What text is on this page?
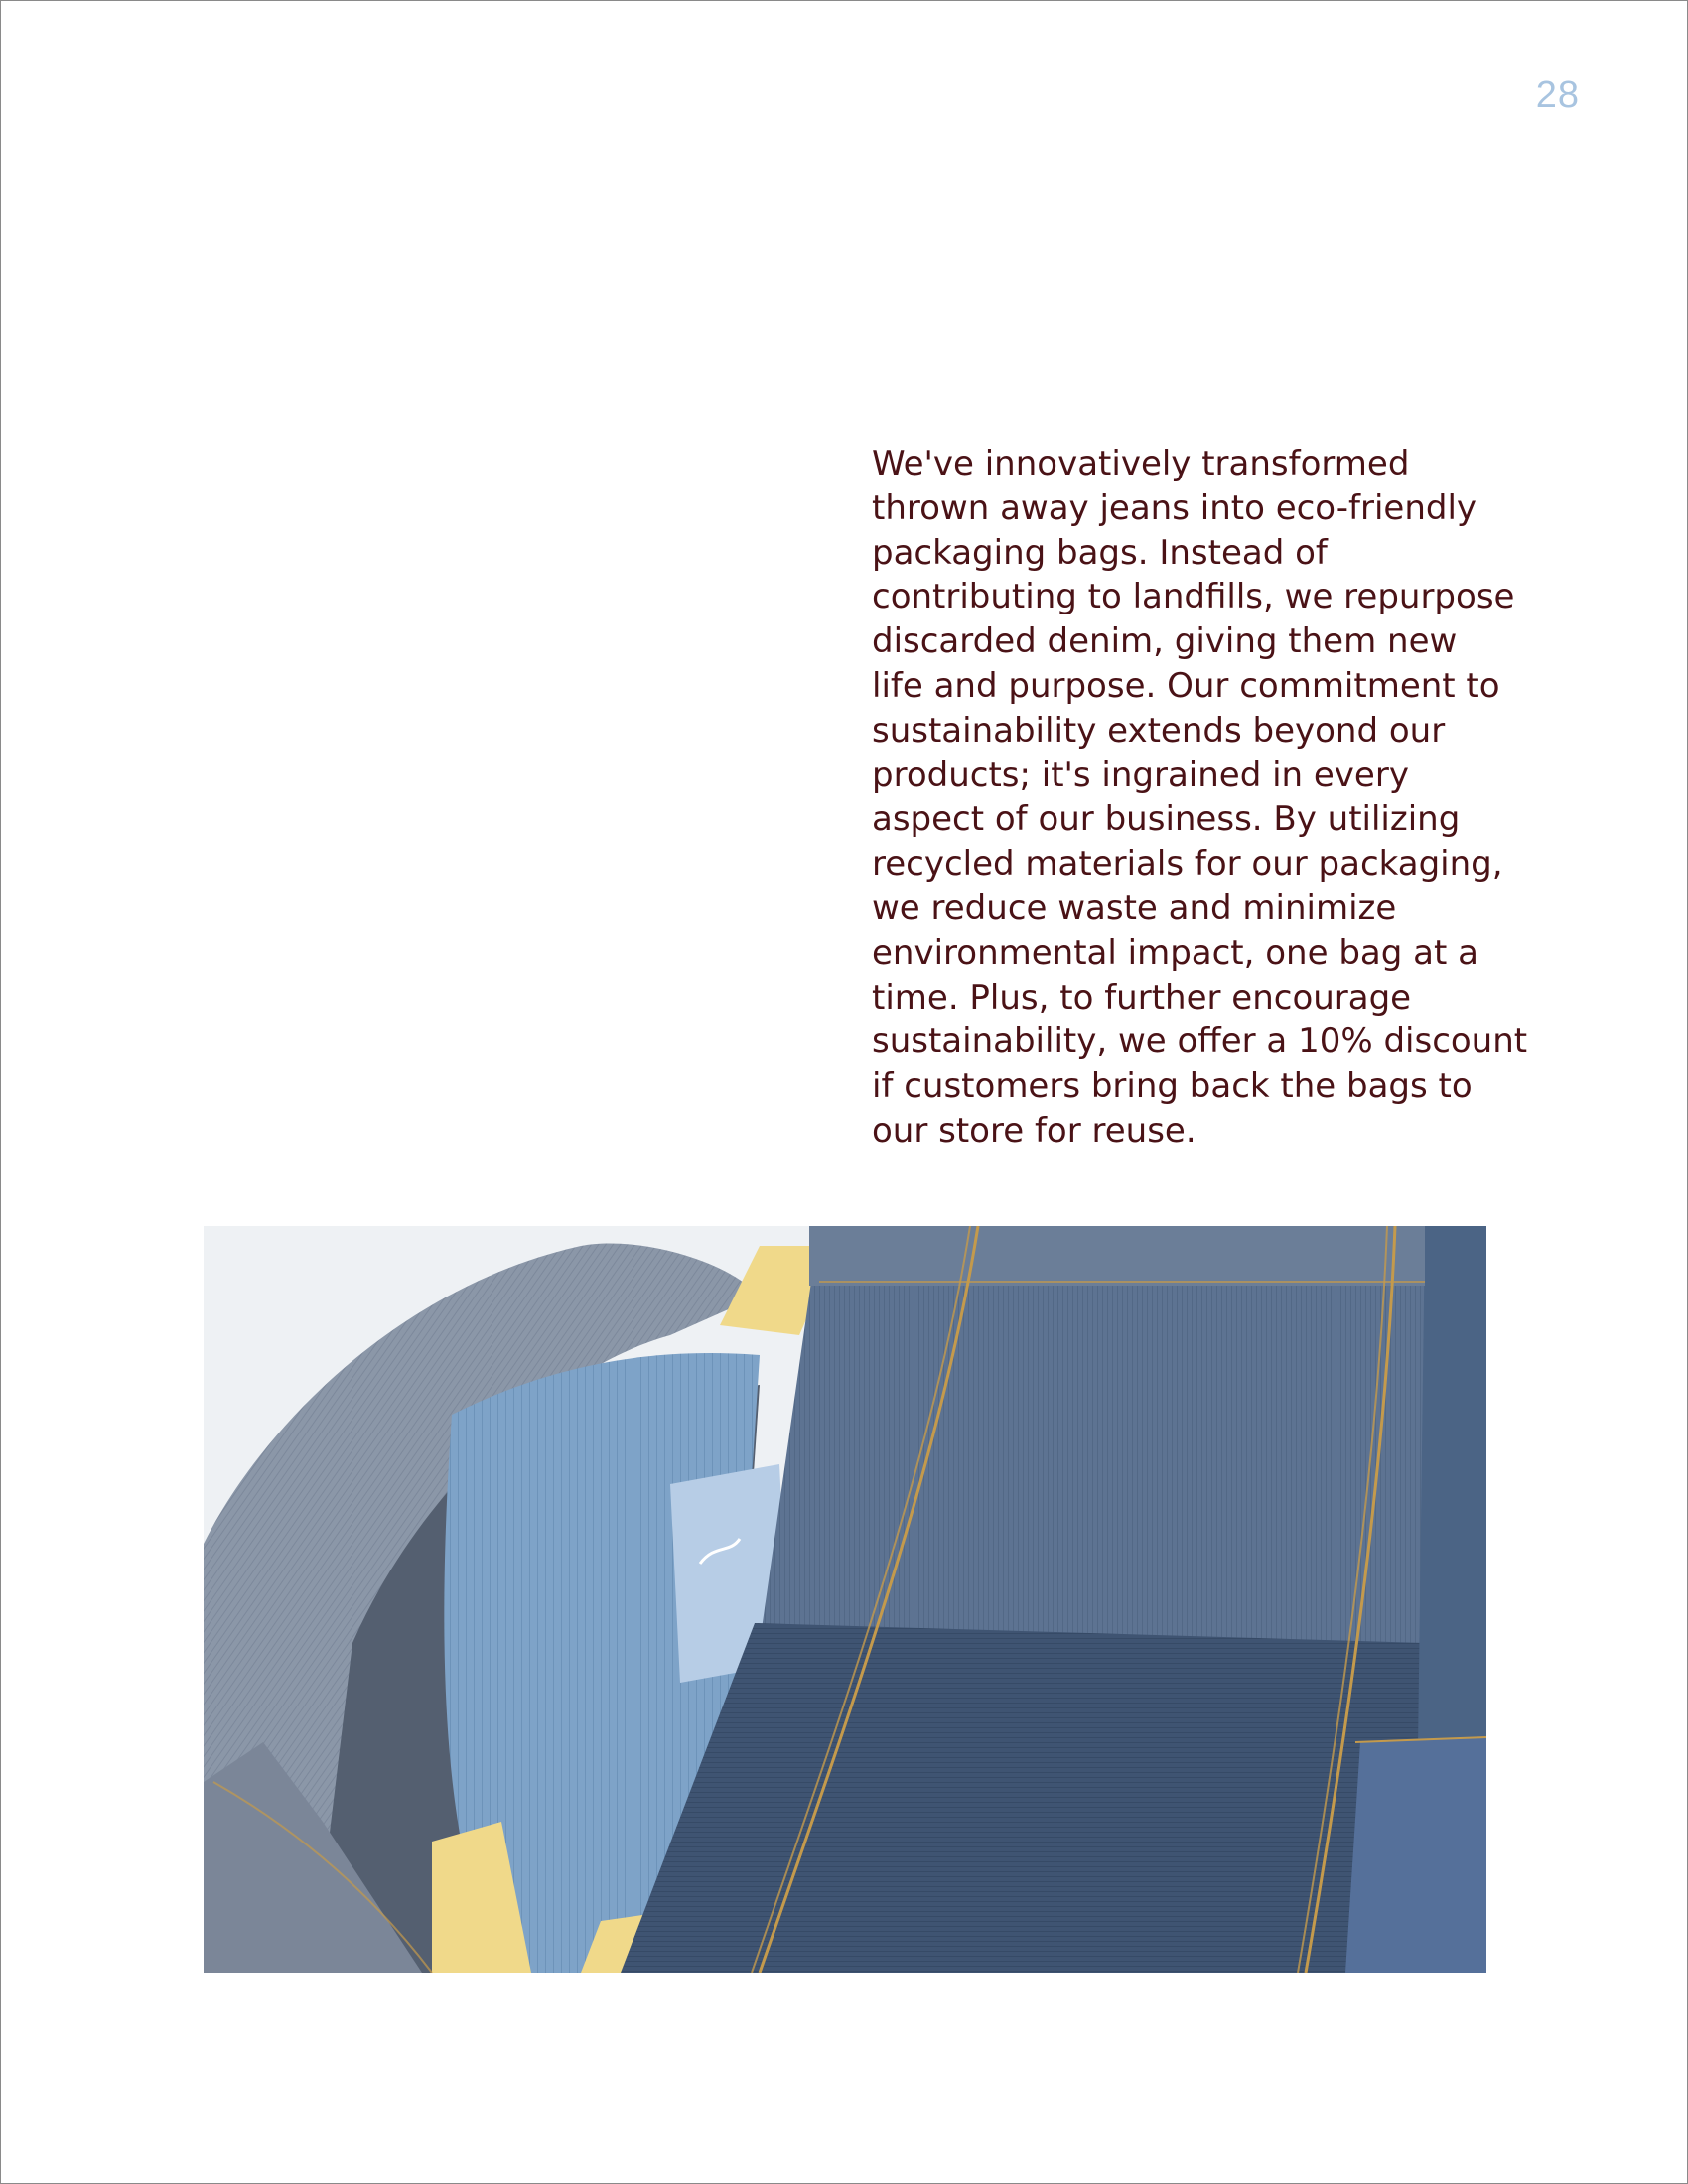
28

We've innovatively transformed
thrown away jeans into eco-friendly
packaging bags. Instead of
contributing to landfills, we repurpose
discarded denim, giving them new
life and purpose. Our commitment to
sustainability extends beyond our
products; it's ingrained in every
aspect of our business. By utilizing
recycled materials for our packaging,
we reduce waste and minimize
environmental impact, one bag at a
time. Plus, to further encourage
sustainability, we offer a 10% discount
if customers bring back the bags to
our store for reuse.
